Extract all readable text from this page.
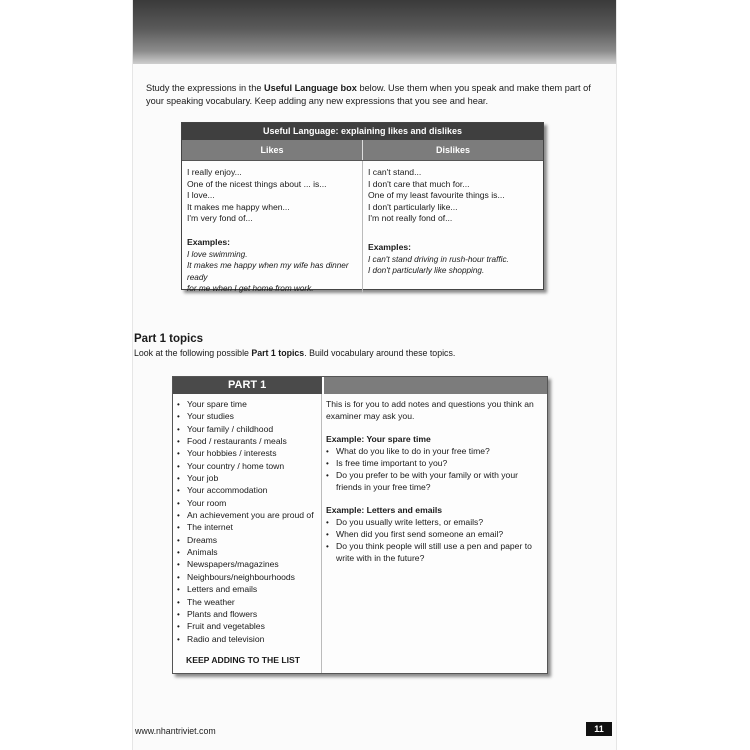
Study the expressions in the Useful Language box below. Use them when you speak and make them part of your speaking vocabulary. Keep adding any new expressions that you see and hear.
Useful Language: explaining likes and dislikes
Likes	Dislikes
I really enjoy...
One of the nicest things about ... is...
I love...
It makes me happy when...
I'm very fond of...
Examples:
I love swimming.
It makes me happy when my wife has dinner ready
for me when I get home from work.
I can't stand...
I don't care that much for...
One of my least favourite things is...
I don't particularly like...
I'm not really fond of...
Examples:
I can't stand driving in rush-hour traffic.
I don't particularly like shopping.
Part 1 topics
Look at the following possible Part 1 topics. Build vocabulary around these topics.
PART 1
• Your spare time
• Your studies
• Your family / childhood
• Food / restaurants / meals
• Your hobbies / interests
• Your country / home town
• Your job
• Your accommodation
• Your room
• An achievement you are proud of
• The internet
• Dreams
• Animals
• Newspapers/magazines
• Neighbours/neighbourhoods
• Letters and emails
• The weather
• Plants and flowers
• Fruit and vegetables
• Radio and television
KEEP ADDING TO THE LIST
This is for you to add notes and questions you think an
examiner may ask you.
Example: Your spare time
• What do you like to do in your free time?
• Is free time important to you?
• Do you prefer to be with your family or with your
friends in your free time?
Example: Letters and emails
• Do you usually write letters, or emails?
• When did you first send someone an email?
• Do you think people will still use a pen and paper to
write with in the future?
www.nhantriviet.com	11
